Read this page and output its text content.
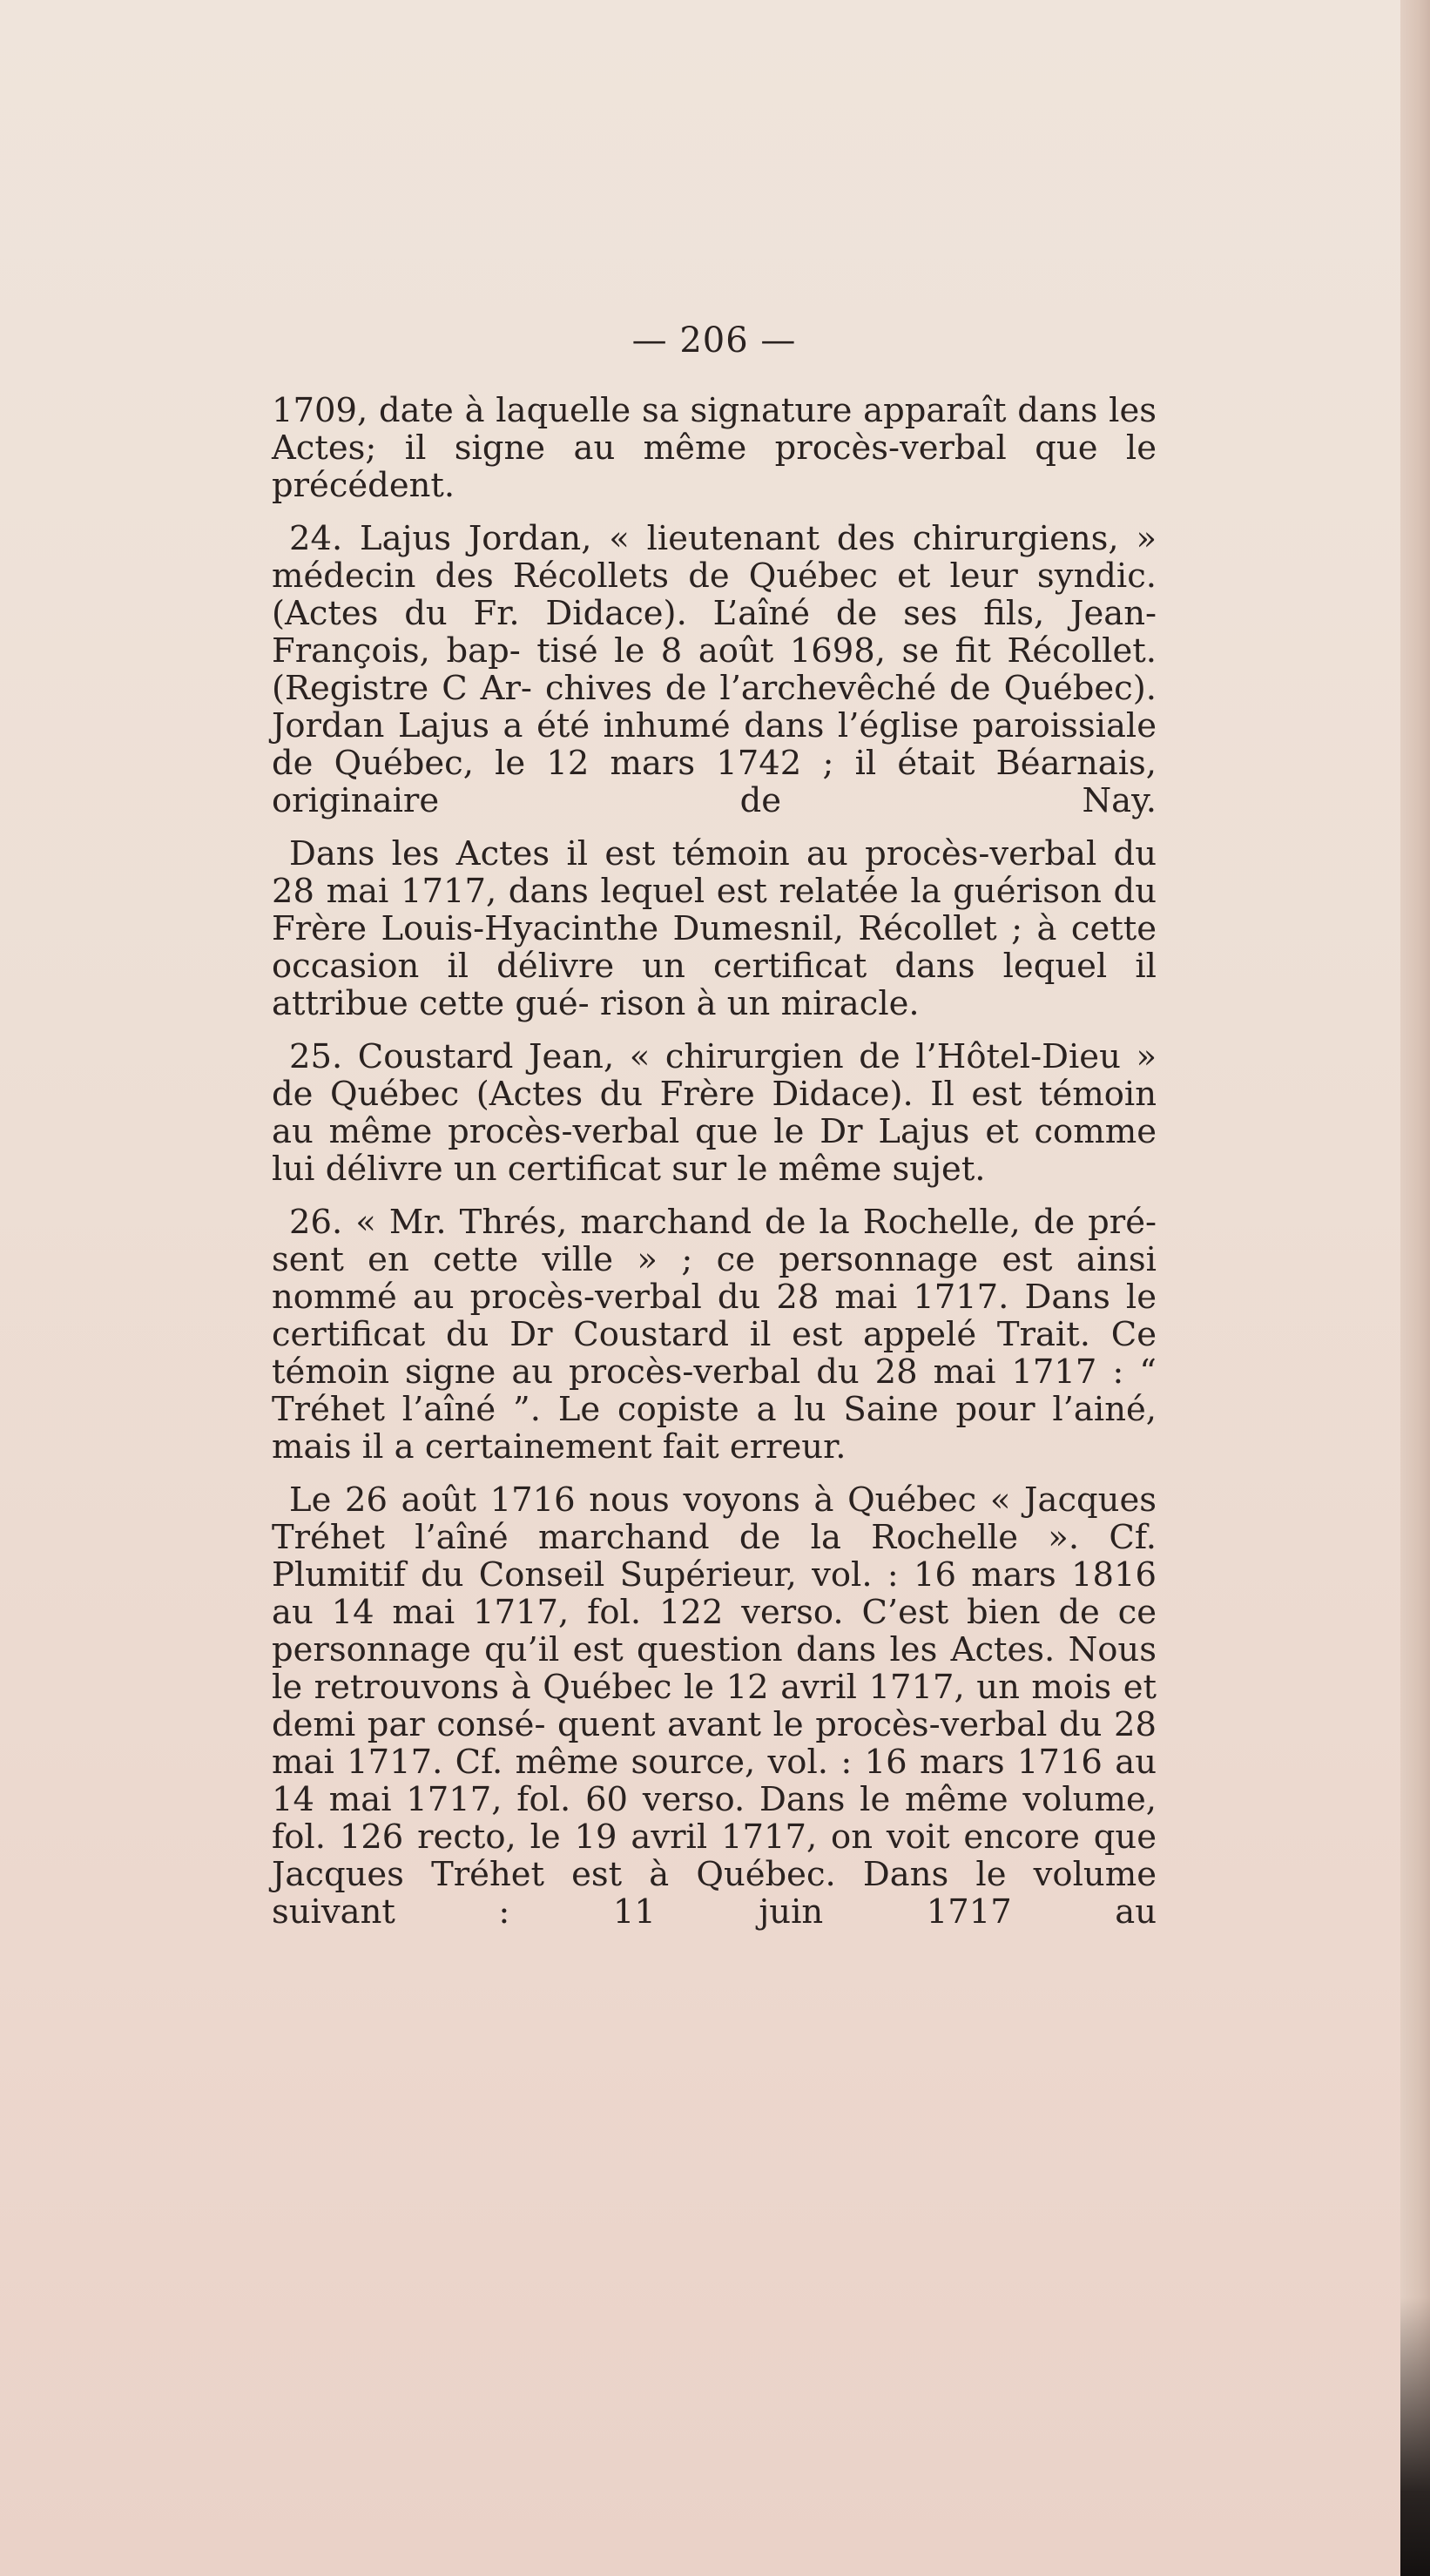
— 206 —

1709, date à laquelle sa signature apparaît dans les Actes; il signe au même procès-verbal que le précédent.

24. Lajus Jordan, « lieutenant des chirurgiens, » médecin des Récollets de Québec et leur syndic. (Actes du Fr. Didace). L’aîné de ses fils, Jean-François, bap- tisé le 8 août 1698, se fit Récollet. (Registre C Ar- chives de l’archevêché de Québec). Jordan Lajus a été inhumé dans l’église paroissiale de Québec, le 12 mars 1742 ; il était Béarnais, originaire de Nay.

Dans les Actes il est témoin au procès-verbal du 28 mai 1717, dans lequel est relatée la guérison du Frère Louis-Hyacinthe Dumesnil, Récollet ; à cette occasion il délivre un certificat dans lequel il attribue cette gué- rison à un miracle.

25. Coustard Jean, « chirurgien de l’Hôtel-Dieu » de Québec (Actes du Frère Didace). Il est témoin au même procès-verbal que le Dr Lajus et comme lui délivre un certificat sur le même sujet.

26. « Mr. Thrés, marchand de la Rochelle, de pré- sent en cette ville » ; ce personnage est ainsi nommé au procès-verbal du 28 mai 1717. Dans le certificat du Dr Coustard il est appelé Trait. Ce témoin signe au procès-verbal du 28 mai 1717 : “ Tréhet l’aîné ”. Le copiste a lu Saine pour l’ainé, mais il a certainement fait erreur.

Le 26 août 1716 nous voyons à Québec « Jacques Tréhet l’aîné marchand de la Rochelle ». Cf. Plumitif du Conseil Supérieur, vol. : 16 mars 1816 au 14 mai 1717, fol. 122 verso. C’est bien de ce personnage qu’il est question dans les Actes. Nous le retrouvons à Québec le 12 avril 1717, un mois et demi par consé- quent avant le procès-verbal du 28 mai 1717. Cf. même source, vol. : 16 mars 1716 au 14 mai 1717, fol. 60 verso. Dans le même volume, fol. 126 recto, le 19 avril 1717, on voit encore que Jacques Tréhet est à Québec. Dans le volume suivant : 11 juin 1717 au
